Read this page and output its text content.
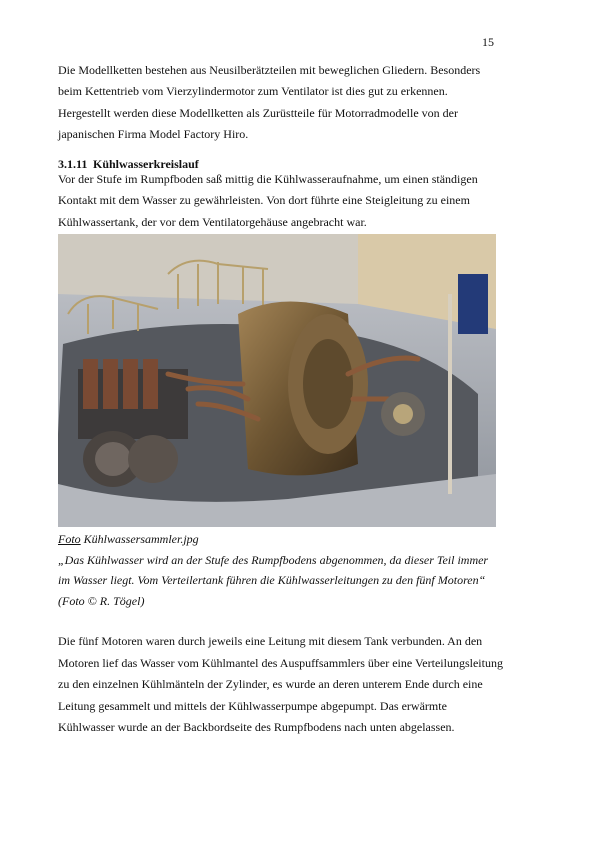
15

Die Modellketten bestehen aus Neusilberätzteilen mit beweglichen Gliedern. Besonders beim Kettentrieb vom Vierzylindermotor zum Ventilator ist dies gut zu erkennen. Hergestellt werden diese Modellketten als Zurüstteile für Motorradmodelle von der japanischen Firma Model Factory Hiro.

3.1.11 Kühlwasserkreislauf

Vor der Stufe im Rumpfboden saß mittig die Kühlwasseraufnahme, um einen ständigen Kontakt mit dem Wasser zu gewährleisten. Von dort führte eine Steigleitung zu einem Kühlwassertank, der vor dem Ventilatorgehäuse angebracht war.

Foto Kühlwassersammler.jpg
„Das Kühlwasser wird an der Stufe des Rumpfbodens abgenommen, da dieser Teil immer im Wasser liegt. Vom Verteilertank führen die Kühlwasserleitungen zu den fünf Motoren“
(Foto © R. Tögel)

Die fünf Motoren waren durch jeweils eine Leitung mit diesem Tank verbunden. An den Motoren lief das Wasser vom Kühlmantel des Auspuffsammlers über eine Verteilungsleitung zu den einzelnen Kühlmänteln der Zylinder, es wurde an deren unterem Ende durch eine Leitung gesammelt und mittels der Kühlwasserpumpe abgepumpt. Das erwärmte Kühlwasser wurde an der Backbordseite des Rumpfbodens nach unten abgelassen.
